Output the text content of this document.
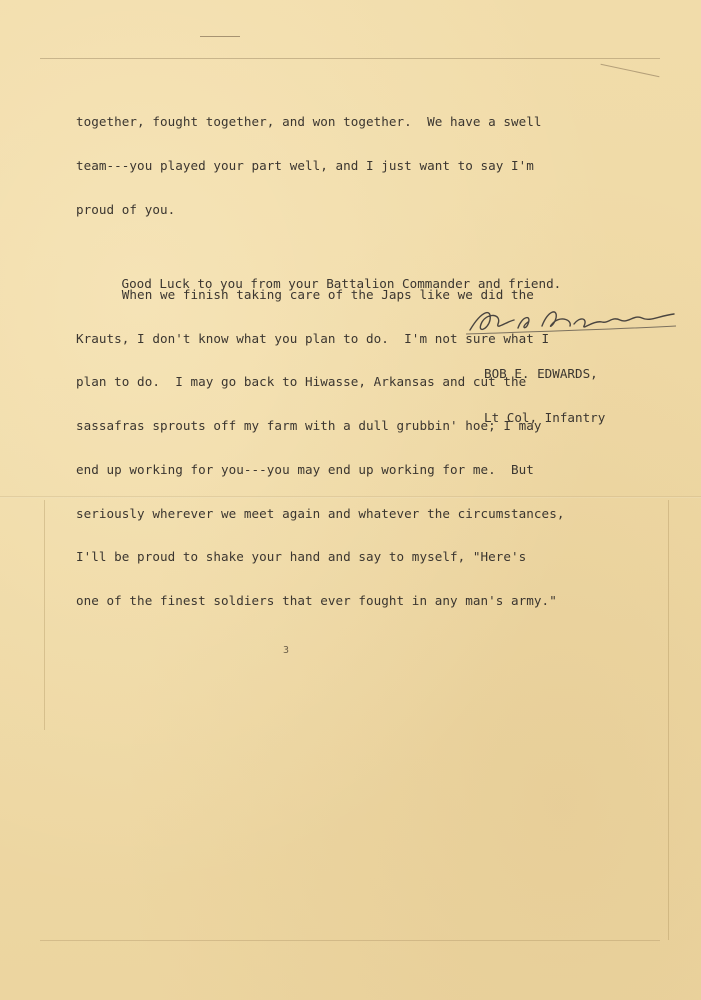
together, fought together, and won together.  We have a swell

team---you played your part well, and I just want to say I'm

proud of you.

When we finish taking care of the Japs like we did the

Krauts, I don't know what you plan to do.  I'm not sure what I

plan to do.  I may go back to Hiwasse, Arkansas and cut the

sassafras sprouts off my farm with a dull grubbin' hoe; I may

end up working for you---you may end up working for me.  But

seriously wherever we meet again and whatever the circumstances,

I'll be proud to shake your hand and say to myself, "Here's

one of the finest soldiers that ever fought in any man's army."

Good Luck to you from your Battalion Commander and friend.

BOB E. EDWARDS,

Lt Col, Infantry

3
